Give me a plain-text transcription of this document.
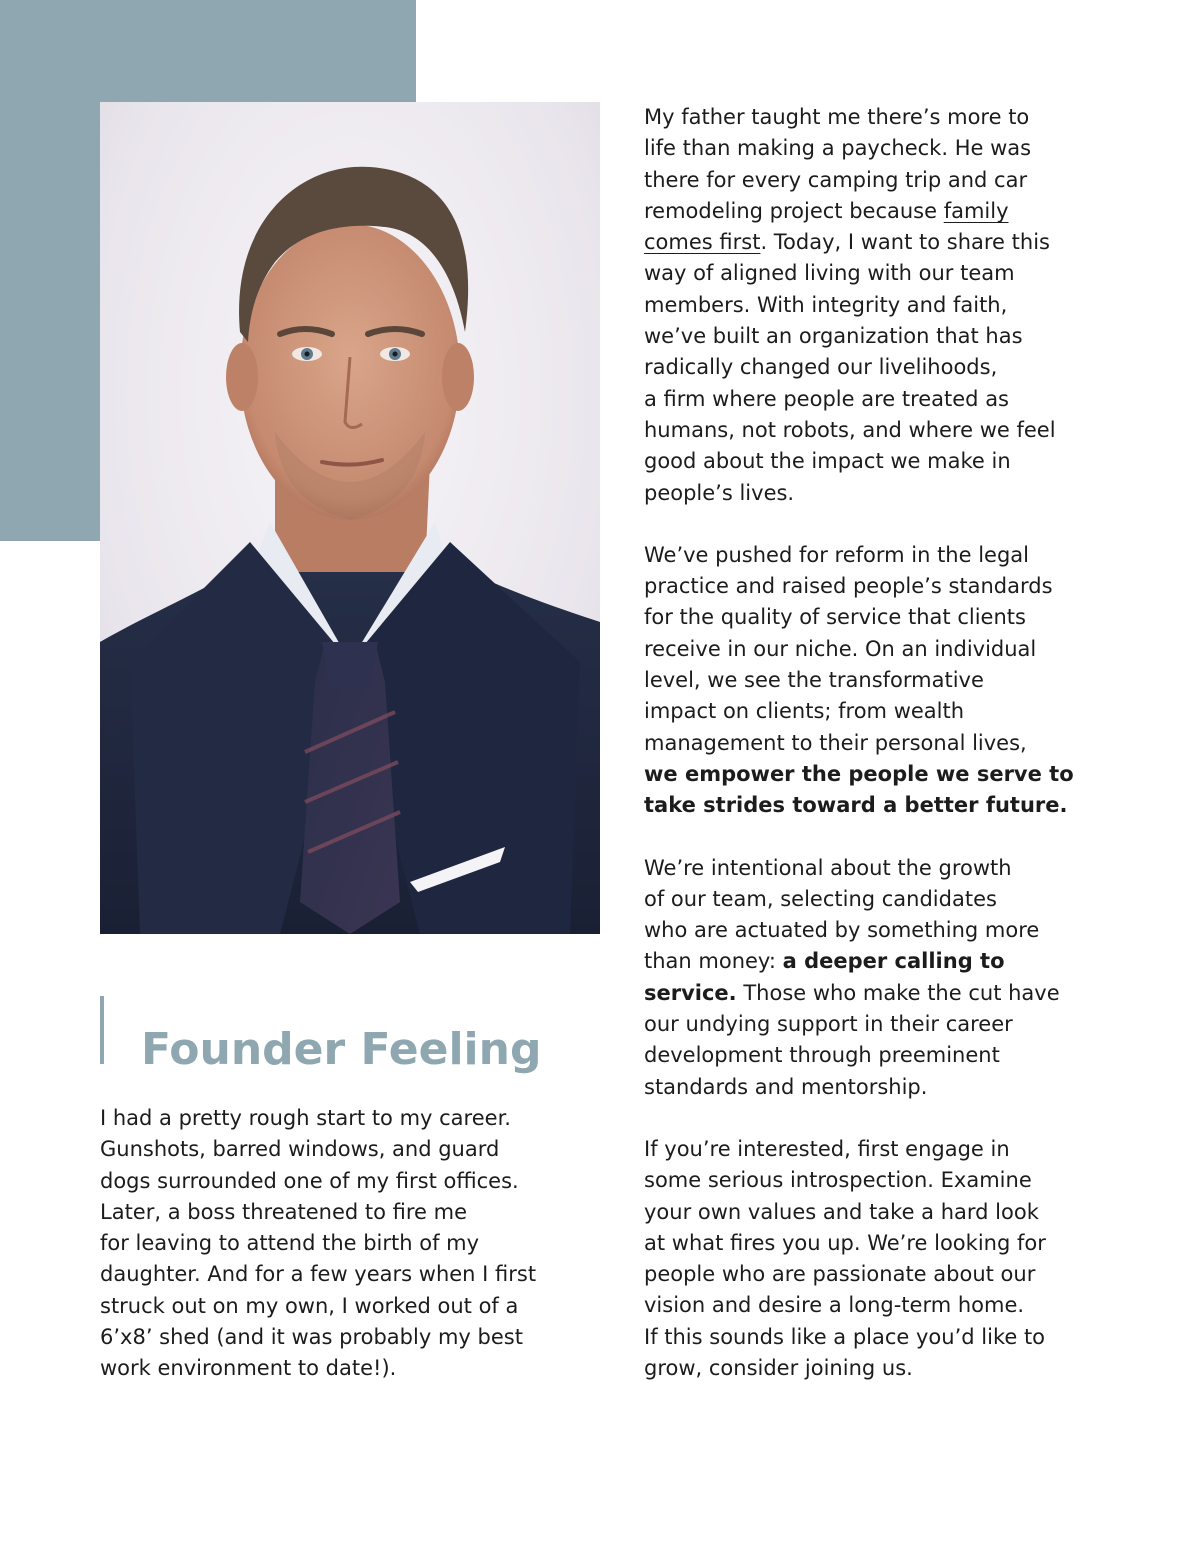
Founder Feeling

I had a pretty rough start to my career.
Gunshots, barred windows, and guard
dogs surrounded one of my first offices.
Later, a boss threatened to fire me
for leaving to attend the birth of my
daughter. And for a few years when I first
struck out on my own, I worked out of a
6’x8’ shed (and it was probably my best
work environment to date!).

My father taught me there’s more to
life than making a paycheck. He was
there for every camping trip and car
remodeling project because family
comes first. Today, I want to share this
way of aligned living with our team
members. With integrity and faith,
we’ve built an organization that has
radically changed our livelihoods,
a firm where people are treated as
humans, not robots, and where we feel
good about the impact we make in
people’s lives.

We’ve pushed for reform in the legal
practice and raised people’s standards
for the quality of service that clients
receive in our niche. On an individual
level, we see the transformative
impact on clients; from wealth
management to their personal lives,
we empower the people we serve to
take strides toward a better future.

We’re intentional about the growth
of our team, selecting candidates
who are actuated by something more
than money: a deeper calling to
service. Those who make the cut have
our undying support in their career
development through preeminent
standards and mentorship.

If you’re interested, first engage in
some serious introspection. Examine
your own values and take a hard look
at what fires you up. We’re looking for
people who are passionate about our
vision and desire a long-term home.
If this sounds like a place you’d like to
grow, consider joining us.
